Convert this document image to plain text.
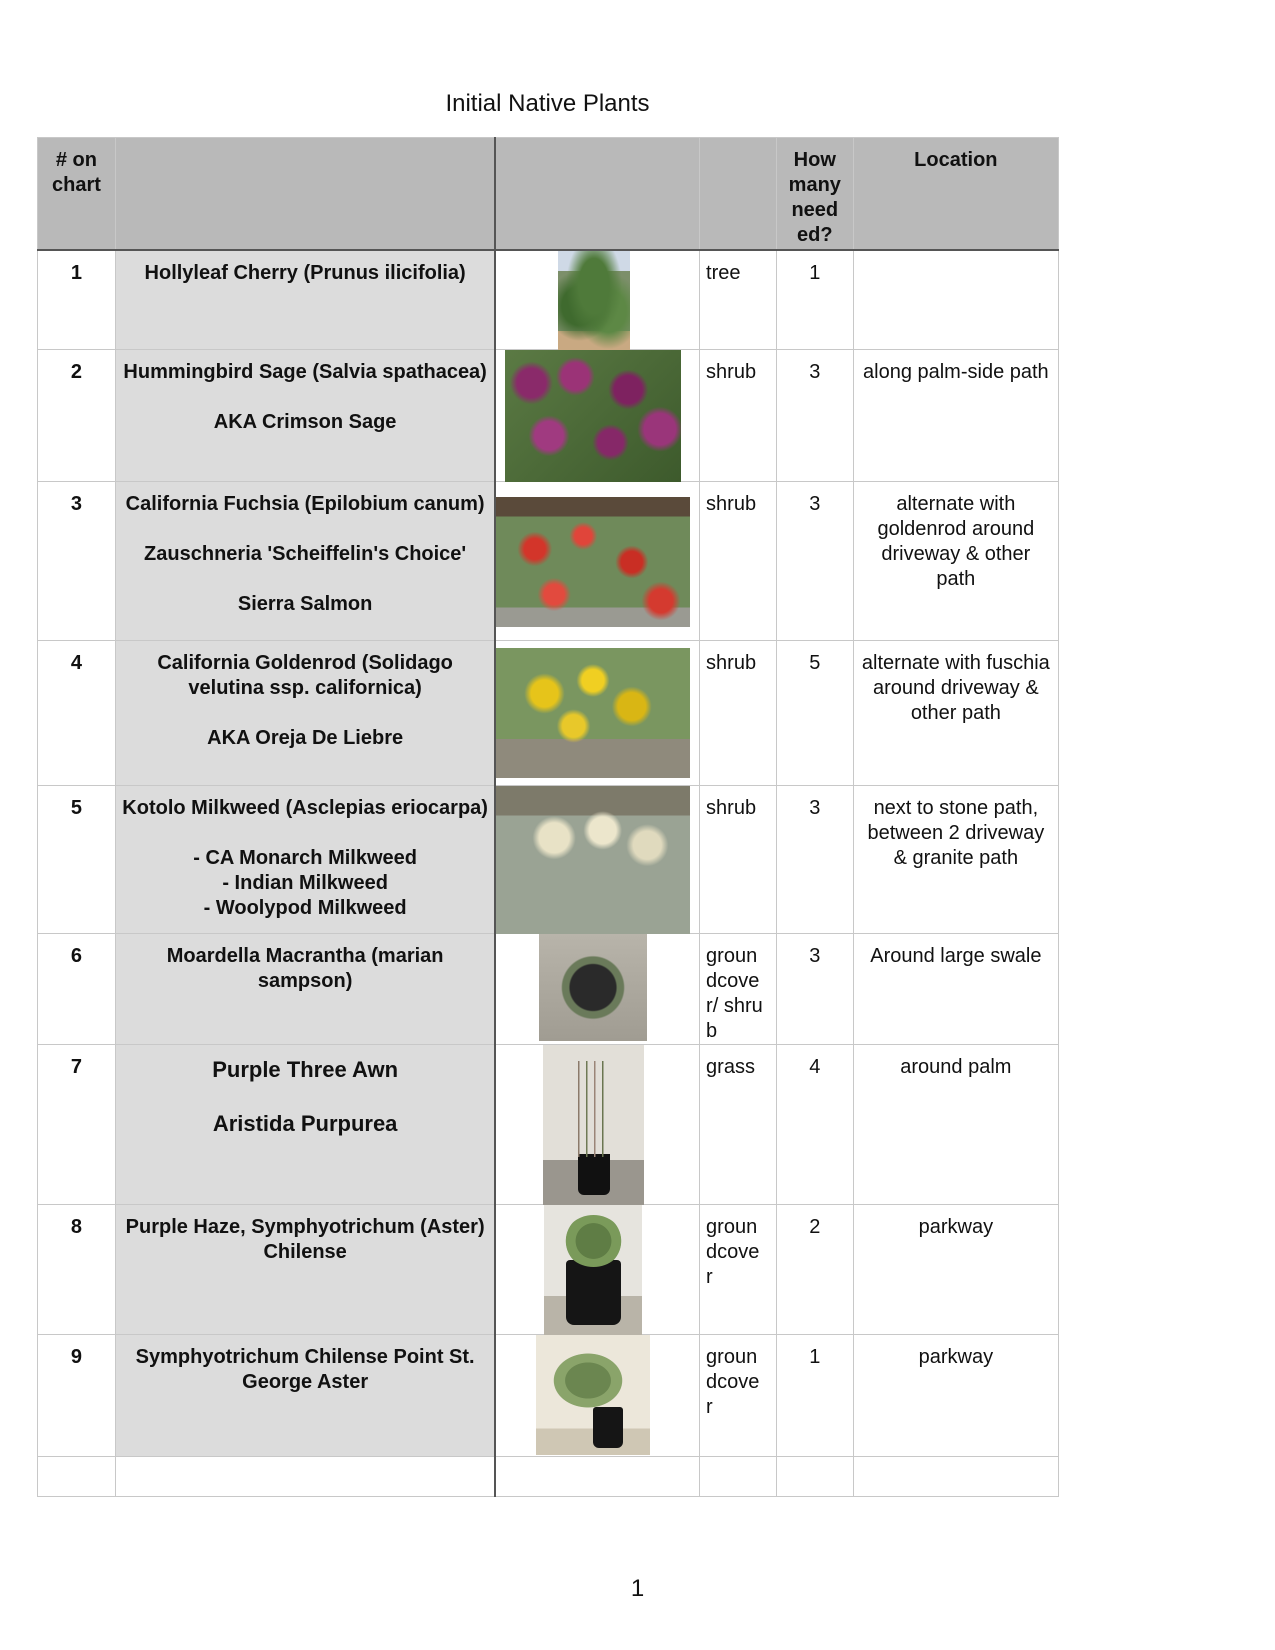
Initial Native Plants
# on chart				How many need ed?	Location
1	Hollyleaf Cherry (Prunus ilicifolia)		tree	1	
2	Hummingbird Sage (Salvia spathacea)
AKA Crimson Sage		shrub	3	along palm-side path
3	California Fuchsia (Epilobium canum)
Zauschneria 'Scheiffelin's Choice'
Sierra Salmon		shrub	3	alternate with goldenrod around driveway & other path
4	California Goldenrod (Solidago velutina ssp. californica)
AKA Oreja De Liebre		shrub	5	alternate with fuschia around driveway & other path
5	Kotolo Milkweed (Asclepias eriocarpa)
- CA Monarch Milkweed
- Indian Milkweed
- Woolypod Milkweed		shrub	3	next to stone path, between 2 driveway & granite path
6	Moardella Macrantha (marian sampson)		groun dcove r/ shrub	3	Around large swale
7	Purple Three Awn
Aristida Purpurea		grass	4	around palm
8	Purple Haze, Symphyotrichum (Aster) Chilense		groun dcove r	2	parkway
9	Symphyotrichum Chilense Point St. George Aster		groun dcove r	1	parkway

1
